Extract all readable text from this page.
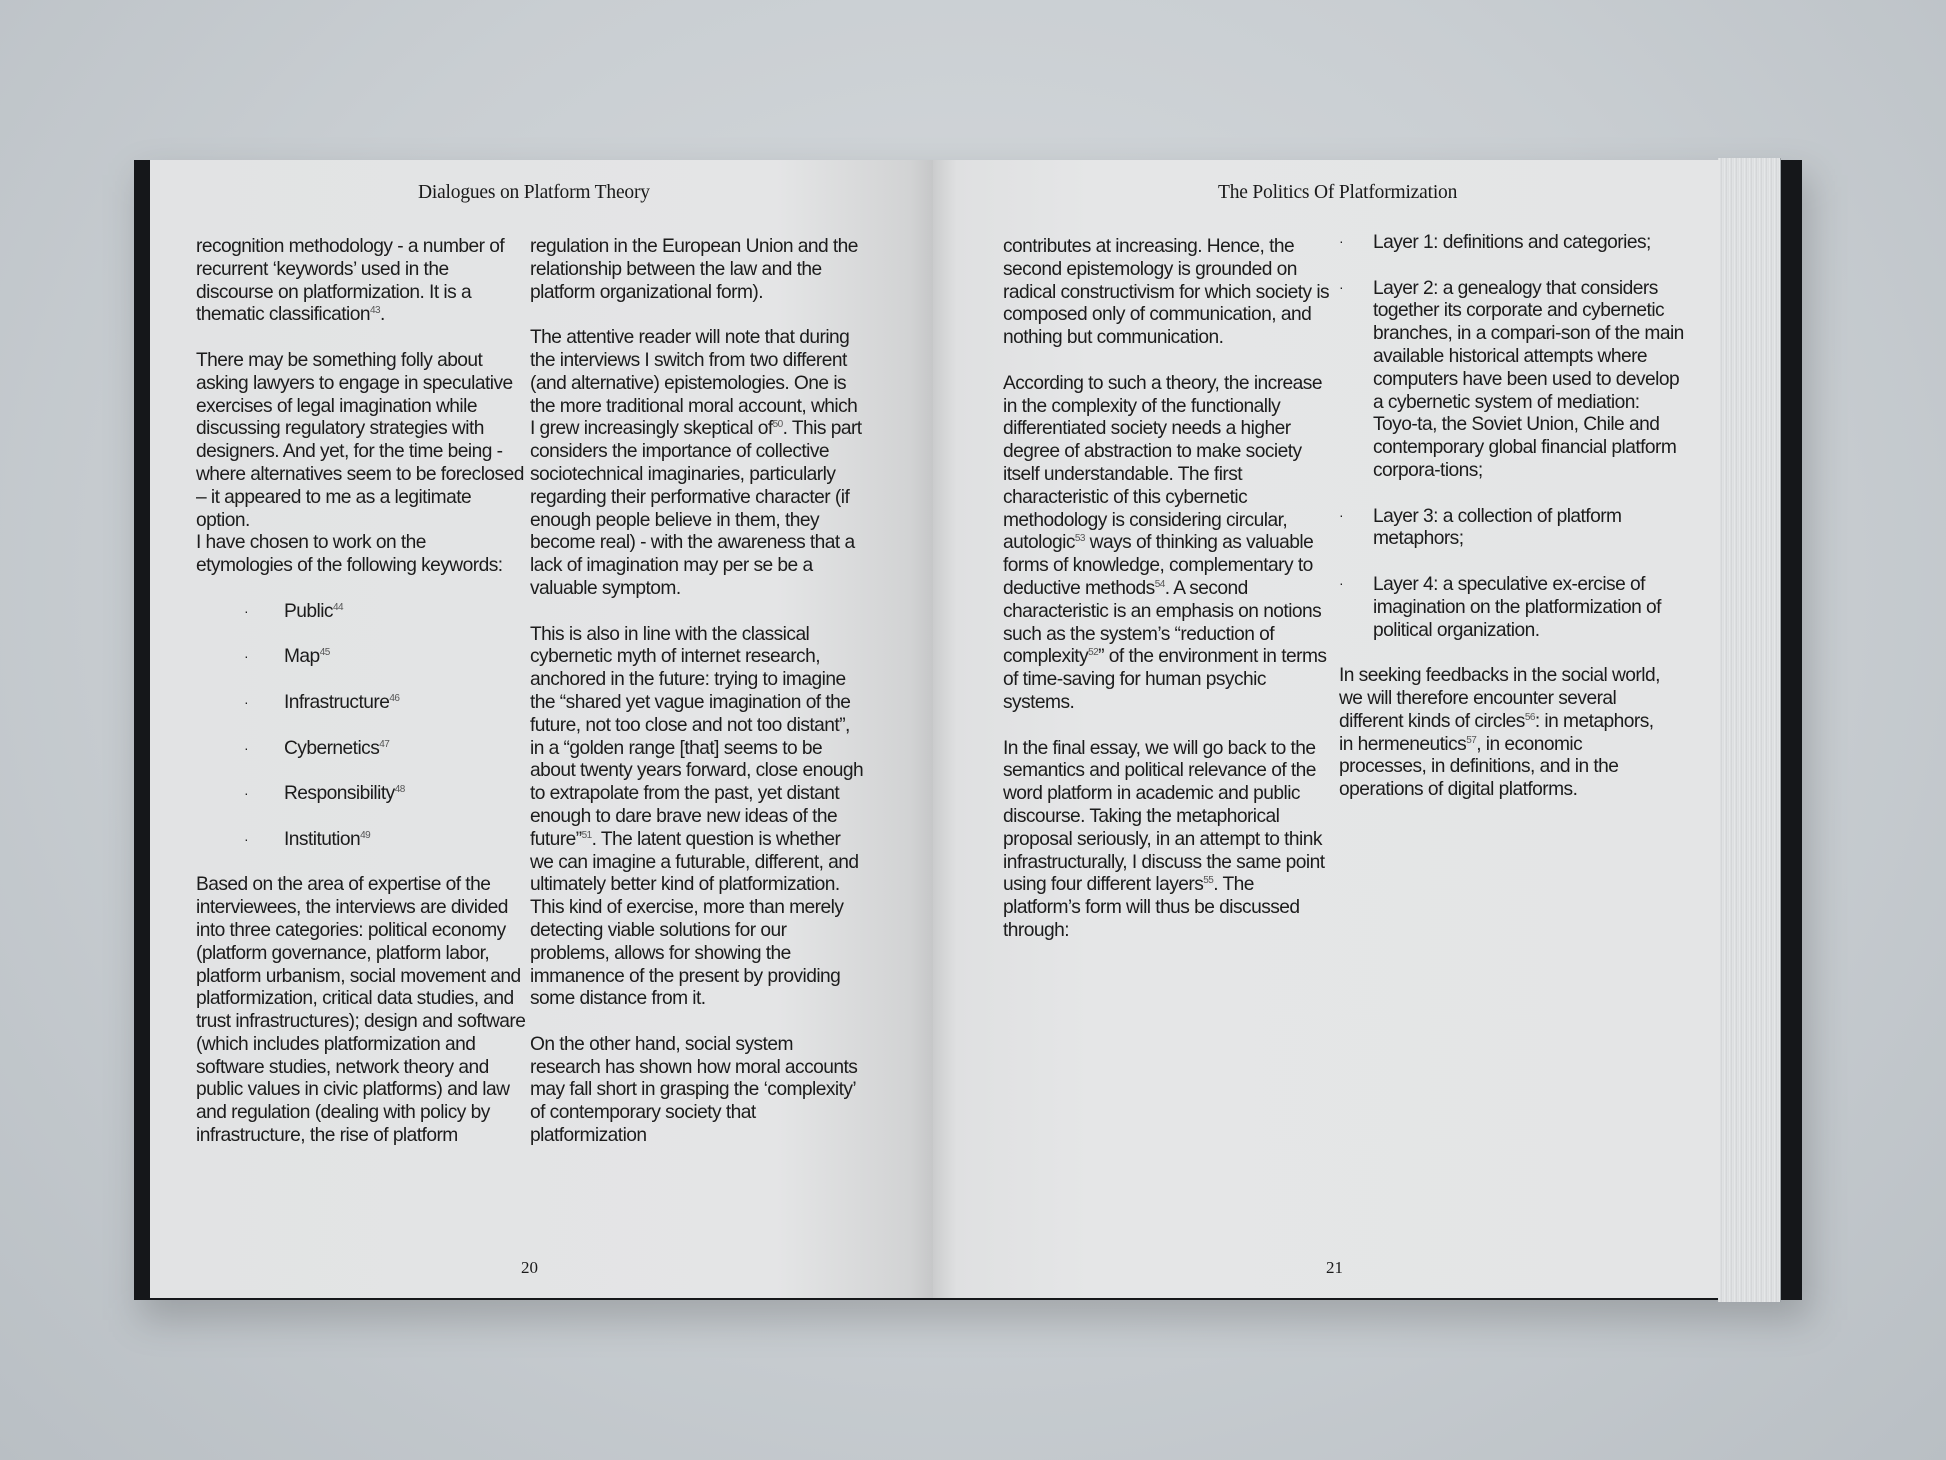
Dialogues on Platform Theory

recognition methodology - a number of recurrent ‘keywords’ used in the discourse on platformization. It is a thematic classification$^{43}$.

There may be something folly about asking lawyers to engage in speculative exercises of legal imagination while discussing regulatory strategies with designers. And yet, for the time being - where alternatives seem to be foreclosed – it appeared to me as a legitimate option.

I have chosen to work on the etymologies of the following keywords:

· Public$^{44}$
· Map$^{45}$
· Infrastructure$^{46}$
· Cybernetics$^{47}$
· Responsibility$^{48}$
· Institution$^{49}$

Based on the area of expertise of the interviewees, the interviews are divided into three categories: political economy (platform governance, platform labor, platform urbanism, social movement and platformization, critical data studies, and trust infrastructures); design and software (which includes platformization and software studies, network theory and public values in civic platforms) and law and regulation (dealing with policy by infrastructure, the rise of platform

regulation in the European Union and the relationship between the law and the platform organizational form).

The attentive reader will note that during the interviews I switch from two different (and alternative) epistemologies. One is the more traditional moral account, which I grew increasingly skeptical $of^{50}$. This part considers the importance of collective sociotechnical imaginaries, particularly regarding their performative character (if enough people believe in them, they become real) - with the awareness that a lack of imagination may per se be a valuable symptom.

This is also in line with the classical cybernetic myth of internet research, anchored in the future: trying to imagine the “shared yet vague imagination of the future, not too close and not too distant”, in a “golden range [that] seems to be about twenty years forward, close enough to extrapolate from the past, yet distant enough to dare brave new ideas of the future”$^{51}$. The latent question is whether we can imagine a futurable, different, and ultimately better kind of platformization. This kind of exercise, more than merely detecting viable solutions for our problems, allows for showing the immanence of the present by providing some distance from it.

On the other hand, social system research has shown how moral accounts may fall short in grasping the ‘complexity’ of contemporary society that platformization

20
The Politics Of Platformization

contributes at increasing. Hence, the second epistemology is grounded on radical constructivism for which society is composed only of communication, and nothing but communication.

According to such a theory, the increase in the complexity of the functionally differentiated society needs a higher degree of abstraction to make society itself understandable. The first characteristic of this cybernetic methodology is considering circular, autologic$^{53}$ ways of thinking as valuable forms of knowledge, complementary to deductive methods$^{54}$. A second characteristic is an emphasis on notions such as the system’s “reduction of complexity$^{52}$” of the environment in terms of time-saving for human psychic systems.

In the final essay, we will go back to the semantics and political relevance of the word platform in academic and public discourse. Taking the metaphorical proposal seriously, in an attempt to think infrastructurally, I discuss the same point using four different layers$^{55}$. The platform’s form will thus be discussed through:

· Layer 1: definitions and categories;
· Layer 2: a genealogy that considers together its corporate and cybernetic branches, in a compari-son of the main available historical attempts where computers have been used to develop a cybernetic system of mediation: Toyo-ta, the Soviet Union, Chile and contemporary global financial platform corpora-tions;
· Layer 3: a collection of platform metaphors;
· Layer 4: a speculative ex-ercise of imagination on the platformization of political organization.

In seeking feedbacks in the social world, we will therefore encounter several different kinds of circles$^{56}$: in metaphors, in hermeneutics$^{57}$, in economic processes, in definitions, and in the operations of digital platforms.

21
